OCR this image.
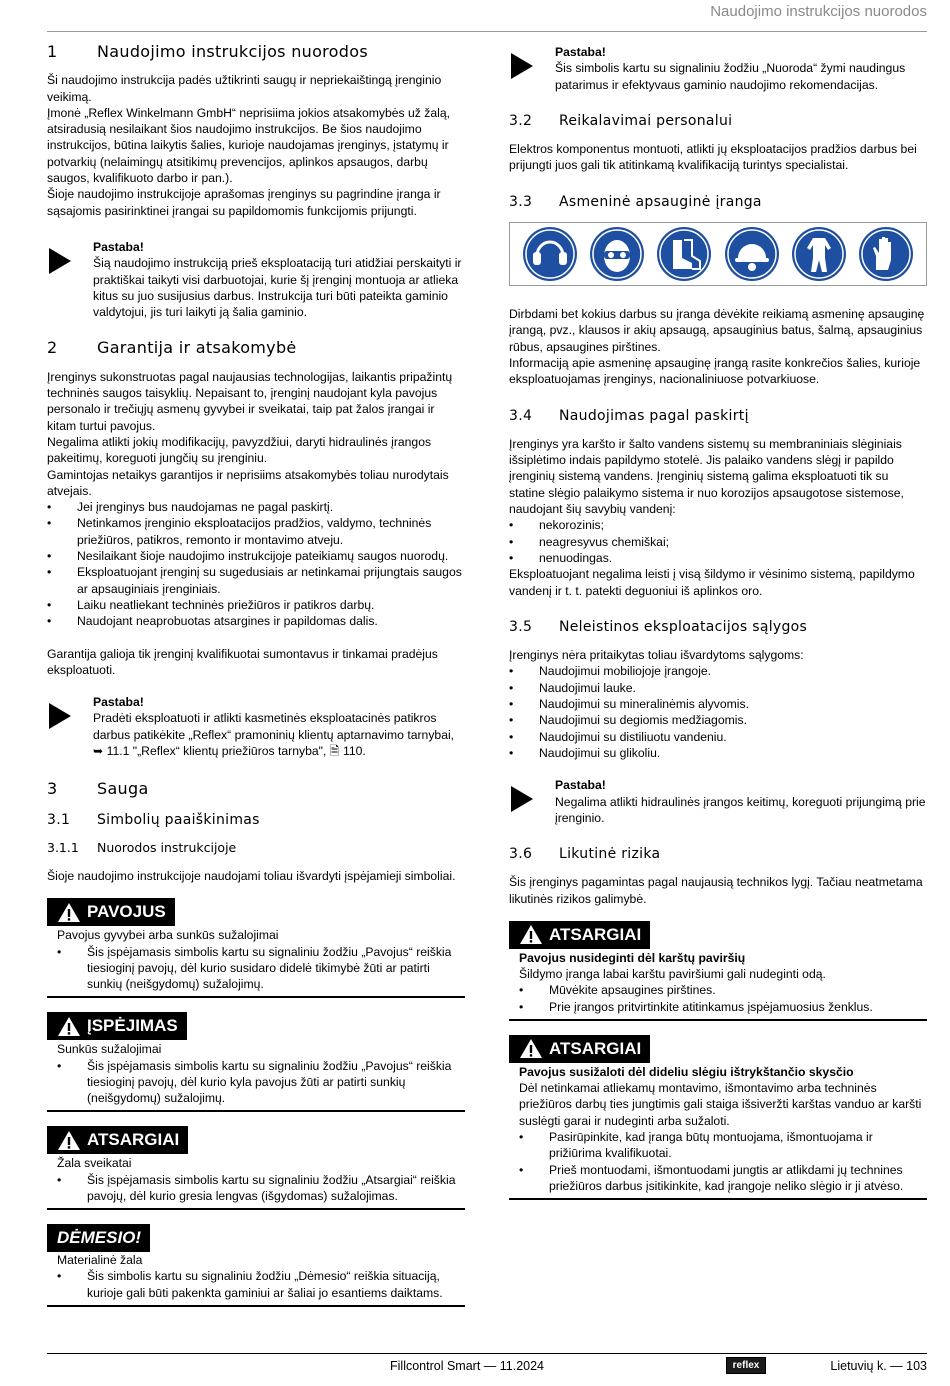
Naudojimo instrukcijos nuorodos
1	Naudojimo instrukcijos nuorodos

Ši naudojimo instrukcija padės užtikrinti saugų ir nepriekaištingą įrenginio veikimą.

Įmonė „Reflex Winkelmann GmbH“ neprisiima jokios atsakomybės už žalą, atsiradusią nesilaikant šios naudojimo instrukcijos. Be šios naudojimo instrukcijos, būtina laikytis šalies, kurioje naudojamas įrenginys, įstatymų ir potvarkių (nelaimingų atsitikimų prevencijos, aplinkos apsaugos, darbų saugos, kvalifikuoto darbo ir pan.).

Šioje naudojimo instrukcijoje aprašomas įrenginys su pagrindine įranga ir sąsajomis pasirinktinei įrangai su papildomomis funkcijomis prijungti.

Pastaba!

Šią naudojimo instrukciją prieš eksploataciją turi atidžiai perskaityti ir praktiškai taikyti visi darbuotojai, kurie šį įrenginį montuoja ar atlieka kitus su juo susijusius darbus. Instrukcija turi būti pateikta gaminio valdytojui, jis turi laikyti ją šalia gaminio.

2	Garantija ir atsakomybė

Įrenginys sukonstruotas pagal naujausias technologijas, laikantis pripažintų techninės saugos taisyklių. Nepaisant to, įrenginį naudojant kyla pavojus personalo ir trečiųjų asmenų gyvybei ir sveikatai, taip pat žalos įrangai ir kitam turtui pavojus.

Negalima atlikti jokių modifikacijų, pavyzdžiui, daryti hidraulinės įrangos pakeitimų, koreguoti jungčių su įrenginiu.

Gamintojas netaikys garantijos ir neprisiims atsakomybės toliau nurodytais atvejais.

• Jei įrenginys bus naudojamas ne pagal paskirtį.
• Netinkamos įrenginio eksploatacijos pradžios, valdymo, techninės priežiūros, patikros, remonto ir montavimo atveju.
• Nesilaikant šioje naudojimo instrukcijoje pateikiamų saugos nuorodų.
• Eksploatuojant įrenginį su sugedusiais ar netinkamai prijungtais saugos ar apsauginiais įrenginiais.
• Laiku neatliekant techninės priežiūros ir patikros darbų.
• Naudojant neaprobuotas atsargines ir papildomas dalis.

Garantija galioja tik įrenginį kvalifikuotai sumontavus ir tinkamai pradėjus eksploatuoti.

Pastaba!

Pradėti eksploatuoti ir atlikti kasmetinės eksploatacinės patikros darbus patikėkite „Reflex“ pramoninių klientų aptarnavimo tarnybai, ➥ 11.1 "„Reflex“ klientų priežiūros tarnyba", 🗎 110.

3	Sauga
3.1	Simbolių paaiškinimas
3.1.1	Nuorodos instrukcijoje

Šioje naudojimo instrukcijoje naudojami toliau išvardyti įspėjamieji simboliai.

PAVOJUS

Pavojus gyvybei arba sunkūs sužalojimai

• Šis įspėjamasis simbolis kartu su signaliniu žodžiu „Pavojus“ reiškia tiesioginį pavojų, dėl kurio susidaro didelė tikimybė žūti ar patirti sunkių (neišgydomų) sužalojimų.
ĮSPĖJIMAS

Sunkūs sužalojimai

• Šis įspėjamasis simbolis kartu su signaliniu žodžiu „Pavojus“ reiškia tiesioginį pavojų, dėl kurio kyla pavojus žūti ar patirti sunkių (neišgydomų) sužalojimų.
ATSARGIAI

Žala sveikatai

• Šis įspėjamasis simbolis kartu su signaliniu žodžiu „Atsargiai“ reiškia pavojų, dėl kurio gresia lengvas (išgydomas) sužalojimas.
DĖMESIO!

Materialinė žala

• Šis simbolis kartu su signaliniu žodžiu „Dėmesio“ reiškia situaciją, kurioje gali būti pakenkta gaminiui ar šaliai jo esantiems daiktams.

Pastaba!

Šis simbolis kartu su signaliniu žodžiu „Nuoroda“ žymi naudingus patarimus ir efektyvaus gaminio naudojimo rekomendacijas.

3.2	Reikalavimai personalui

Elektros komponentus montuoti, atlikti jų eksploatacijos pradžios darbus bei prijungti juos gali tik atitinkamą kvalifikaciją turintys specialistai.

3.3	Asmeninė apsauginė įranga

Dirbdami bet kokius darbus su įranga dėvėkite reikiamą asmeninę apsauginę įrangą, pvz., klausos ir akių apsaugą, apsauginius batus, šalmą, apsauginius rūbus, apsaugines pirštines.

Informaciją apie asmeninę apsauginę įrangą rasite konkrečios šalies, kurioje eksploatuojamas įrenginys, nacionaliniuose potvarkiuose.

3.4	Naudojimas pagal paskirtį

Įrenginys yra karšto ir šalto vandens sistemų su membraniniais slėginiais išsiplėtimo indais papildymo stotelė. Jis palaiko vandens slėgį ir papildo įrenginių sistemą vandens. Įrenginių sistemą galima eksploatuoti tik su statine slėgio palaikymo sistema ir nuo korozijos apsaugotose sistemose, naudojant šių savybių vandenį:

• nekorozinis;
• neagresyvus chemiškai;
• nenuodingas.

Eksploatuojant negalima leisti į visą šildymo ir vėsinimo sistemą, papildymo vandenį ir t. t. patekti deguoniui iš aplinkos oro.

3.5	Neleistinos eksploatacijos sąlygos

Įrenginys nėra pritaikytas toliau išvardytoms sąlygoms:

• Naudojimui mobiliojoje įrangoje.
• Naudojimui lauke.
• Naudojimui su mineralinėmis alyvomis.
• Naudojimui su degiomis medžiagomis.
• Naudojimui su distiliuotu vandeniu.
• Naudojimui su glikoliu.

Pastaba!

Negalima atlikti hidraulinės įrangos keitimų, koreguoti prijungimą prie įrenginio.

3.6	Likutinė rizika

Šis įrenginys pagamintas pagal naujausią technikos lygį. Tačiau neatmetama likutinės rizikos galimybė.

ATSARGIAI

Pavojus nusideginti dėl karštų paviršių

Šildymo įranga labai karštu paviršiumi gali nudeginti odą.

• Mūvėkite apsaugines pirštines.
• Prie įrangos pritvirtinkite atitinkamus įspėjamuosius ženklus.
ATSARGIAI

Pavojus susižaloti dėl dideliu slėgiu ištrykštančio skysčio

Dėl netinkamai atliekamų montavimo, išmontavimo arba techninės priežiūros darbų ties jungtimis gali staiga išsiveržti karštas vanduo ar karšti suslėgti garai ir nudeginti arba sužaloti.

• Pasirūpinkite, kad įranga būtų montuojama, išmontuojama ir prižiūrima kvalifikuotai.
• Prieš montuodami, išmontuodami jungtis ar atlikdami jų technines priežiūros darbus įsitikinkite, kad įrangoje neliko slėgio ir ji atvėso.
Fillcontrol Smart — 11.2024	reflex	Lietuvių k. — 103
